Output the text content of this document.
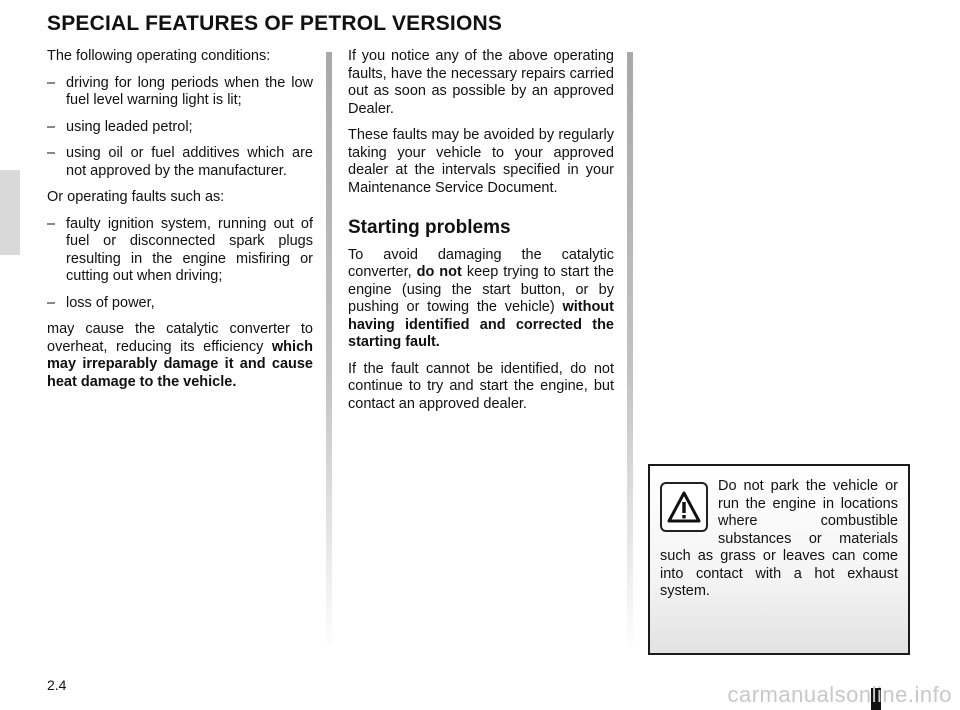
SPECIAL FEATURES OF PETROL VERSIONS

The following operating conditions:

– driving for long periods when the low fuel level warning light is lit;
– using leaded petrol;
– using oil or fuel additives which are not approved by the manufacturer.

Or operating faults such as:

– faulty ignition system, running out of fuel or disconnected spark plugs resulting in the engine misfiring or cutting out when driving;
– loss of power,

may cause the catalytic converter to overheat, reducing its efficiency which may irreparably damage it and cause heat damage to the vehicle.

If you notice any of the above operating faults, have the necessary repairs carried out as soon as possible by an approved Dealer.

These faults may be avoided by regularly taking your vehicle to your approved dealer at the intervals specified in your Maintenance Service Document.

Starting problems

To avoid damaging the catalytic converter, do not keep trying to start the engine (using the start button, or by pushing or towing the vehicle) without having identified and corrected the starting fault.

If the fault cannot be identified, do not continue to try and start the engine, but contact an approved dealer.

Do not park the vehicle or run the engine in locations where combustible substances or materials such as grass or leaves can come into contact with a hot exhaust system.
2.4	carmanualsonline.info
